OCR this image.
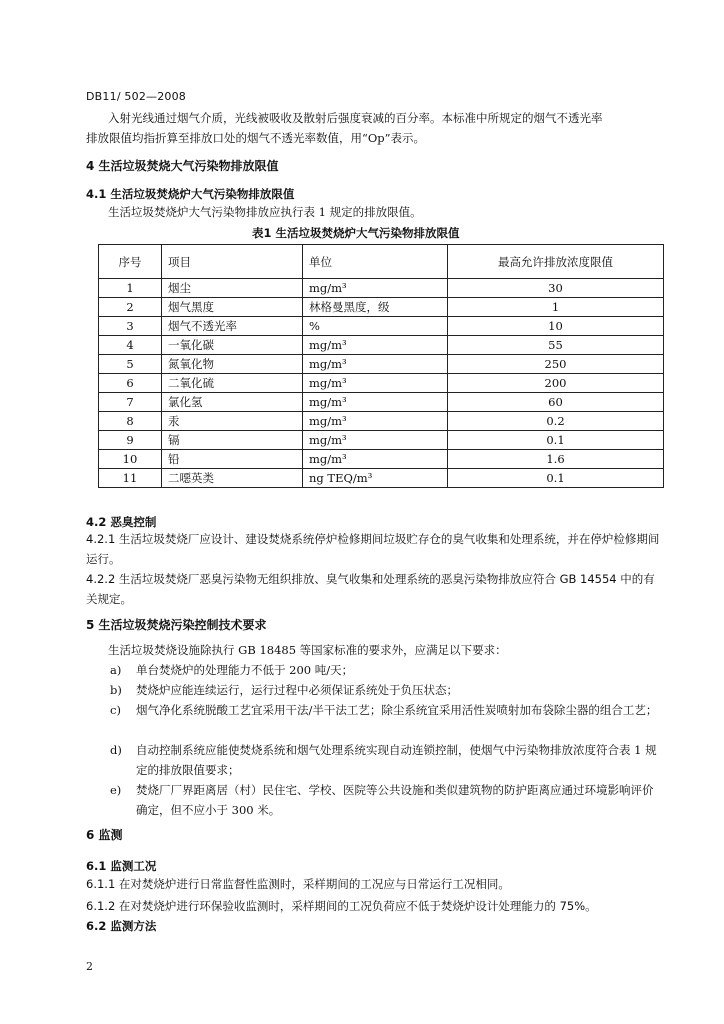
DB11/ 502—2008
入射光线通过烟气介质，光线被吸收及散射后强度衰减的百分率。本标准中所规定的烟气不透光率
排放限值均指折算至排放口处的烟气不透光率数值，用“Op”表示。
4 生活垃圾焚烧大气污染物排放限值
4.1 生活垃圾焚烧炉大气污染物排放限值
生活垃圾焚烧炉大气污染物排放应执行表 1 规定的排放限值。
表1 生活垃圾焚烧炉大气污染物排放限值
序号	项目	单位	最高允许排放浓度限值
1	烟尘	mg/m³	30
2	烟气黑度	林格曼黑度，级	1
3	烟气不透光率	%	10
4	一氧化碳	mg/m³	55
5	氮氧化物	mg/m³	250
6	二氧化硫	mg/m³	200
7	氯化氢	mg/m³	60
8	汞	mg/m³	0.2
9	镉	mg/m³	0.1
10	铅	mg/m³	1.6
11	二噁英类	ng TEQ/m³	0.1
4.2 恶臭控制
4.2.1 生活垃圾焚烧厂应设计、建设焚烧系统停炉检修期间垃圾贮存仓的臭气收集和处理系统，并在停炉检修期间运行。
4.2.2 生活垃圾焚烧厂恶臭污染物无组织排放、臭气收集和处理系统的恶臭污染物排放应符合 GB 14554 中的有关规定。
5 生活垃圾焚烧污染控制技术要求
生活垃圾焚烧设施除执行 GB 18485 等国家标准的要求外，应满足以下要求：
a) 单台焚烧炉的处理能力不低于 200 吨/天；
b) 焚烧炉应能连续运行，运行过程中必须保证系统处于负压状态；
c)	烟气净化系统脱酸工艺宜采用干法/半干法工艺；除尘系统宜采用活性炭喷射加布袋除尘器的组合工艺；
d)	自动控制系统应能使焚烧系统和烟气处理系统实现自动连锁控制，使烟气中污染物排放浓度符合表 1 规定的排放限值要求；
e)	焚烧厂厂界距离居（村）民住宅、学校、医院等公共设施和类似建筑物的防护距离应通过环境影响评价确定，但不应小于 300 米。
6 监测
6.1 监测工况
6.1.1 在对焚烧炉进行日常监督性监测时，采样期间的工况应与日常运行工况相同。
6.1.2 在对焚烧炉进行环保验收监测时，采样期间的工况负荷应不低于焚烧炉设计处理能力的 75%。
6.2 监测方法
2
